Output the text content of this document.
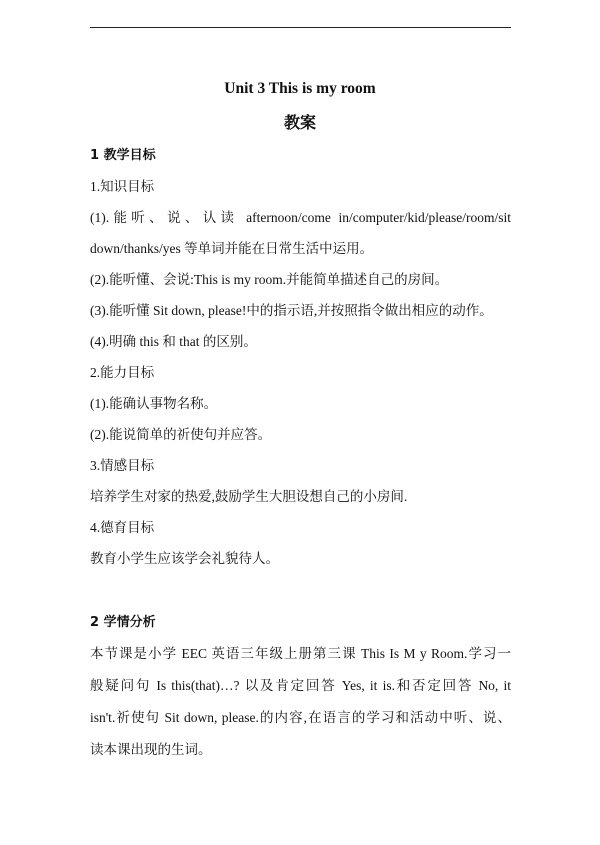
Unit 3 This is my room
教案
1 教学目标
1.知识目标
(1).能听、说、认读 afternoon/come in/computer/kid/please/room/sit
down/thanks/yes 等单词并能在日常生活中运用。
(2).能听懂、会说:This is my room.并能简单描述自己的房间。
(3).能听懂 Sit down, please!中的指示语,并按照指令做出相应的动作。
(4).明确 this 和 that 的区别。
2.能力目标
(1).能确认事物名称。
(2).能说简单的祈使句并应答。
3.情感目标
培养学生对家的热爱,鼓励学生大胆设想自己的小房间.
4.德育目标
教育小学生应该学会礼貌待人。
2 学情分析
本节课是小学 EEC 英语三年级上册第三课 This Is M y Room.学习一
般疑问句 Is this(that)…? 以及肯定回答 Yes, it is.和否定回答 No, it
isn't.祈使句 Sit down, please.的内容,在语言的学习和活动中听、说、
读本课出现的生词。
